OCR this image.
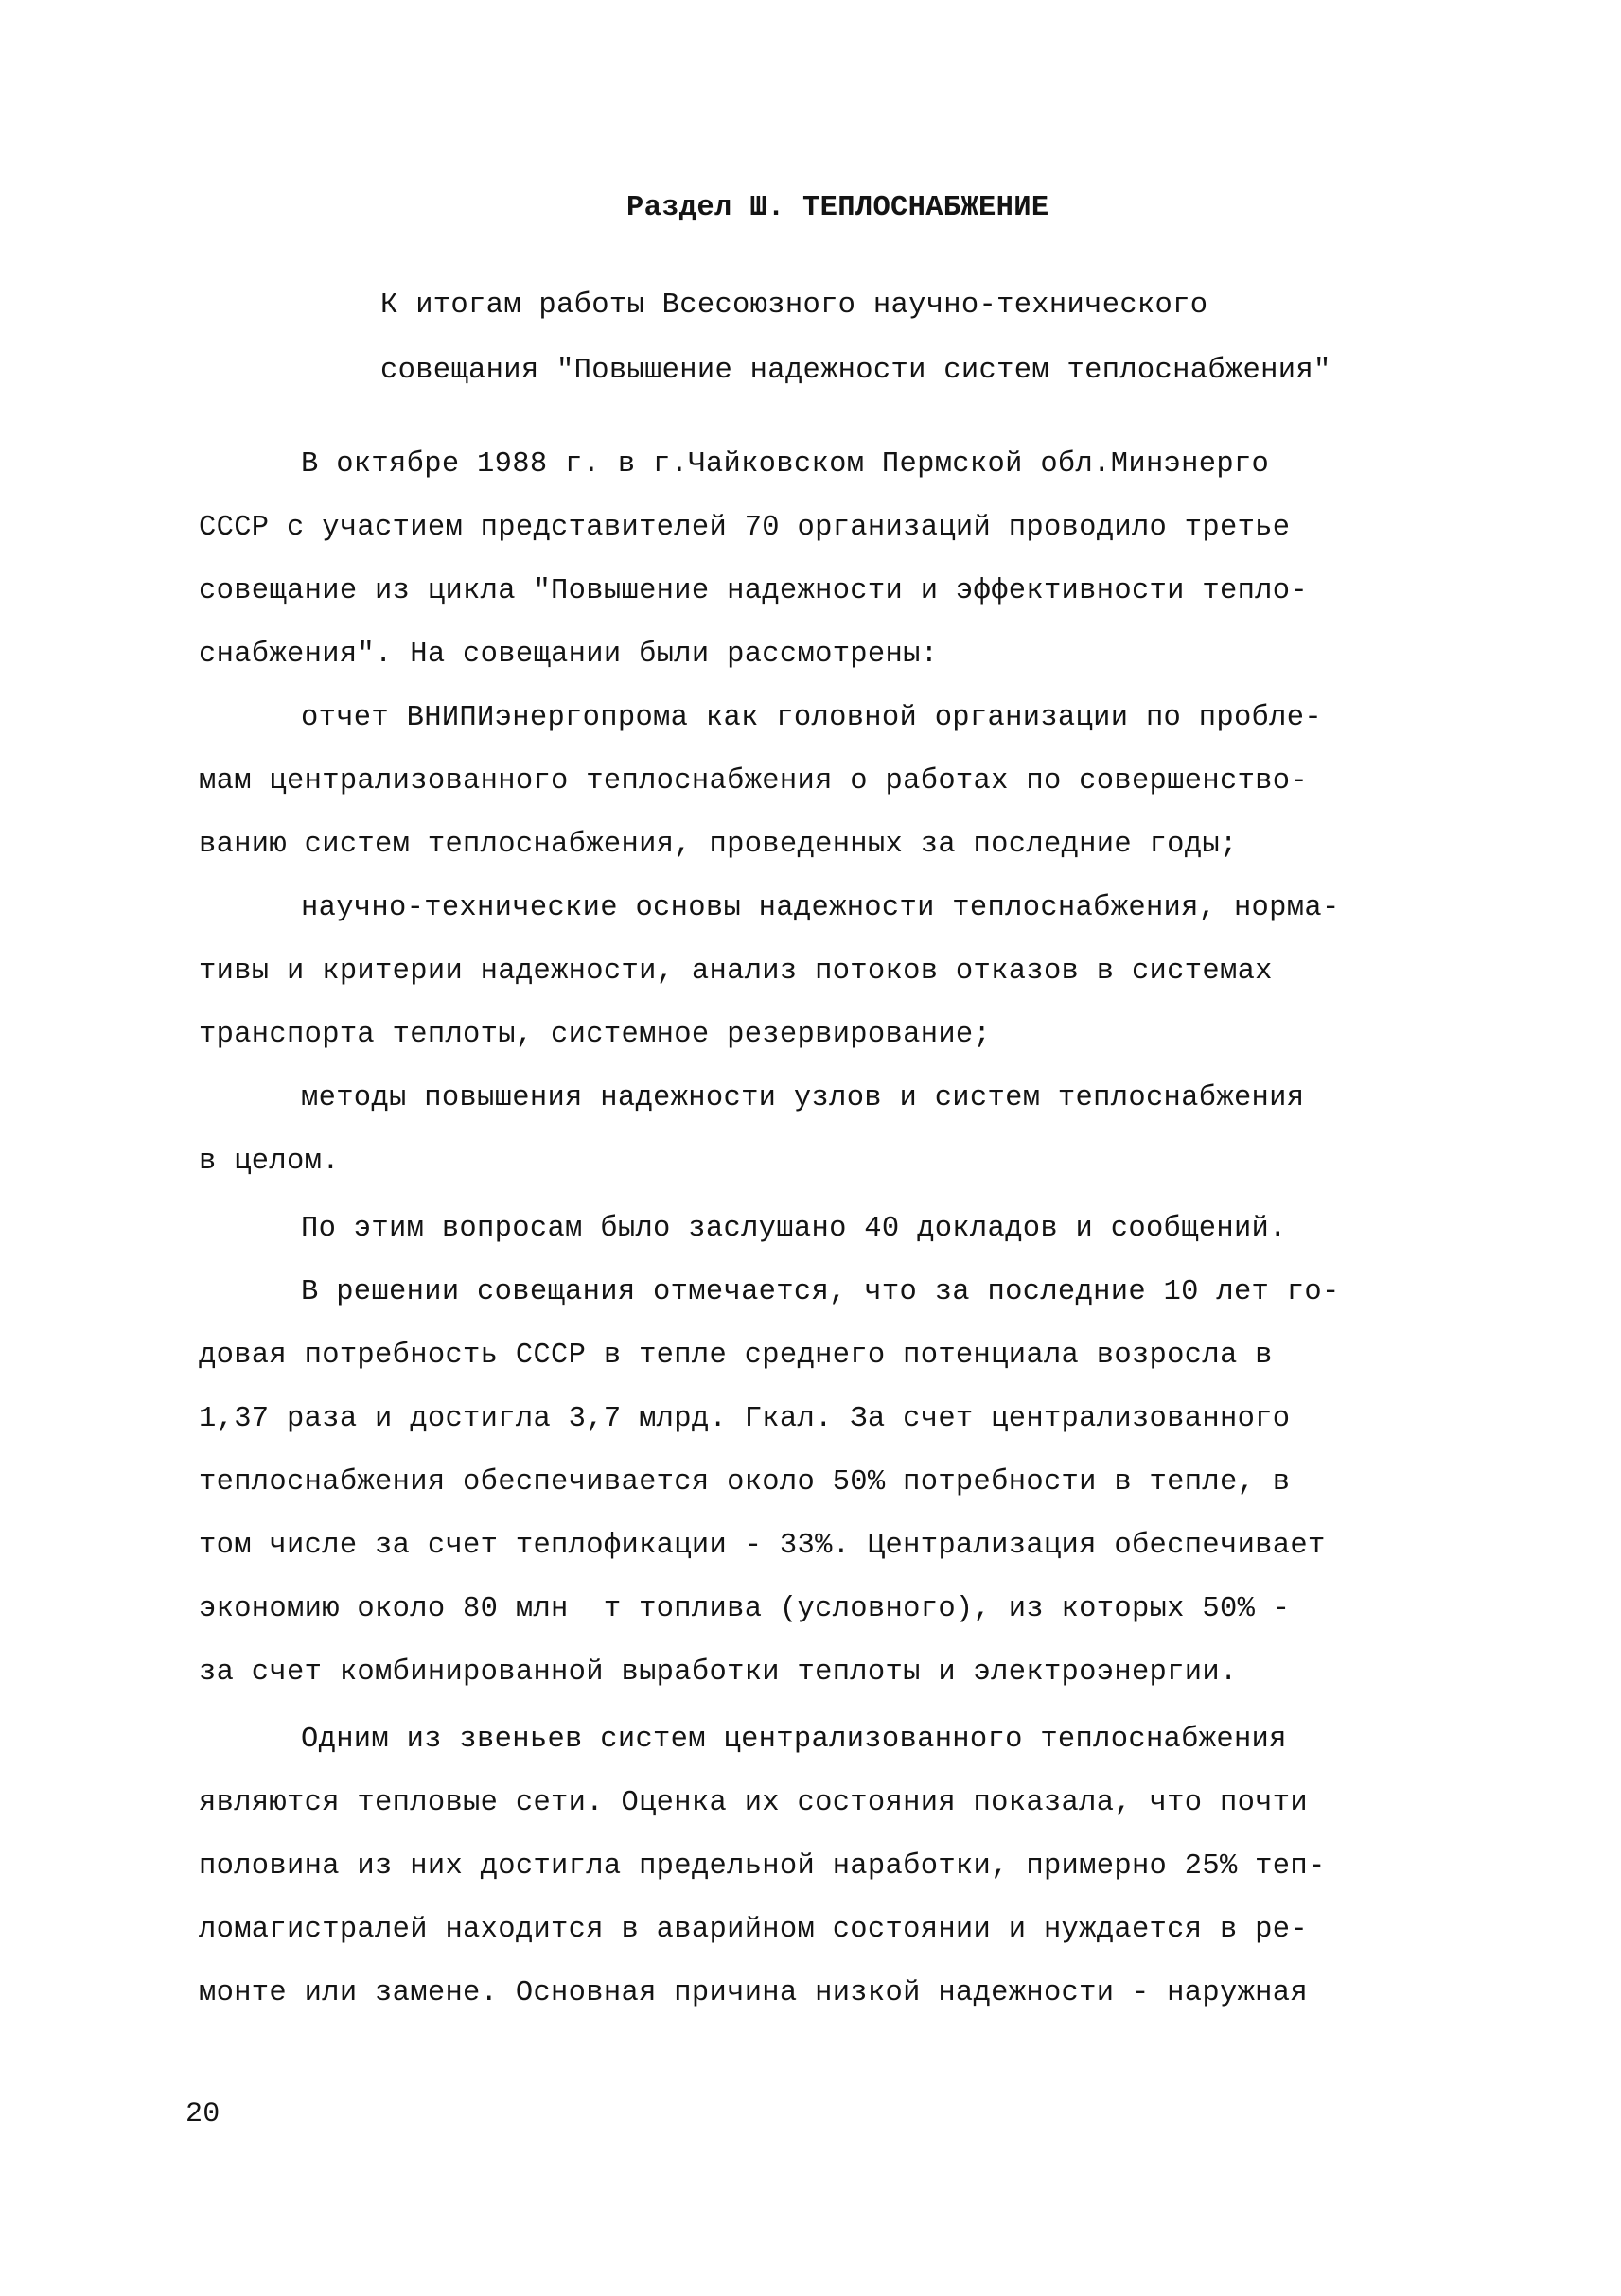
Раздел Ш. ТЕПЛОСНАБЖЕНИЕ
К итогам работы Всесоюзного научно-технического
совещания "Повышение надежности систем теплоснабжения"
В октябре 1988 г. в г.Чайковском Пермской обл.Минэнерго
СССР с участием представителей 70 организаций проводило третье
совещание из цикла "Повышение надежности и эффективности тепло-
снабжения". На совещании были рассмотрены:
отчет ВНИПИэнергопрома как головной организации по пробле-
мам централизованного теплоснабжения о работах по совершенство-
ванию систем теплоснабжения, проведенных за последние годы;
научно-технические основы надежности теплоснабжения, норма-
тивы и критерии надежности, анализ потоков отказов в системах
транспорта теплоты, системное резервирование;
методы повышения надежности узлов и систем теплоснабжения
в целом.
По этим вопросам было заслушано 40 докладов и сообщений.
В решении совещания отмечается, что за последние 10 лет го-
довая потребность СССР в тепле среднего потенциала возросла в
1,37 раза и достигла 3,7 млрд. Гкал. За счет централизованного
теплоснабжения обеспечивается около 50% потребности в тепле, в
том числе за счет теплофикации - 33%. Централизация обеспечивает
экономию около 80 млн  т топлива (условного), из которых 50% -
за счет комбинированной выработки теплоты и электроэнергии.
Одним из звеньев систем централизованного теплоснабжения
являются тепловые сети. Оценка их состояния показала, что почти
половина из них достигла предельной наработки, примерно 25% теп-
ломагистралей находится в аварийном состоянии и нуждается в ре-
монте или замене. Основная причина низкой надежности - наружная
20
